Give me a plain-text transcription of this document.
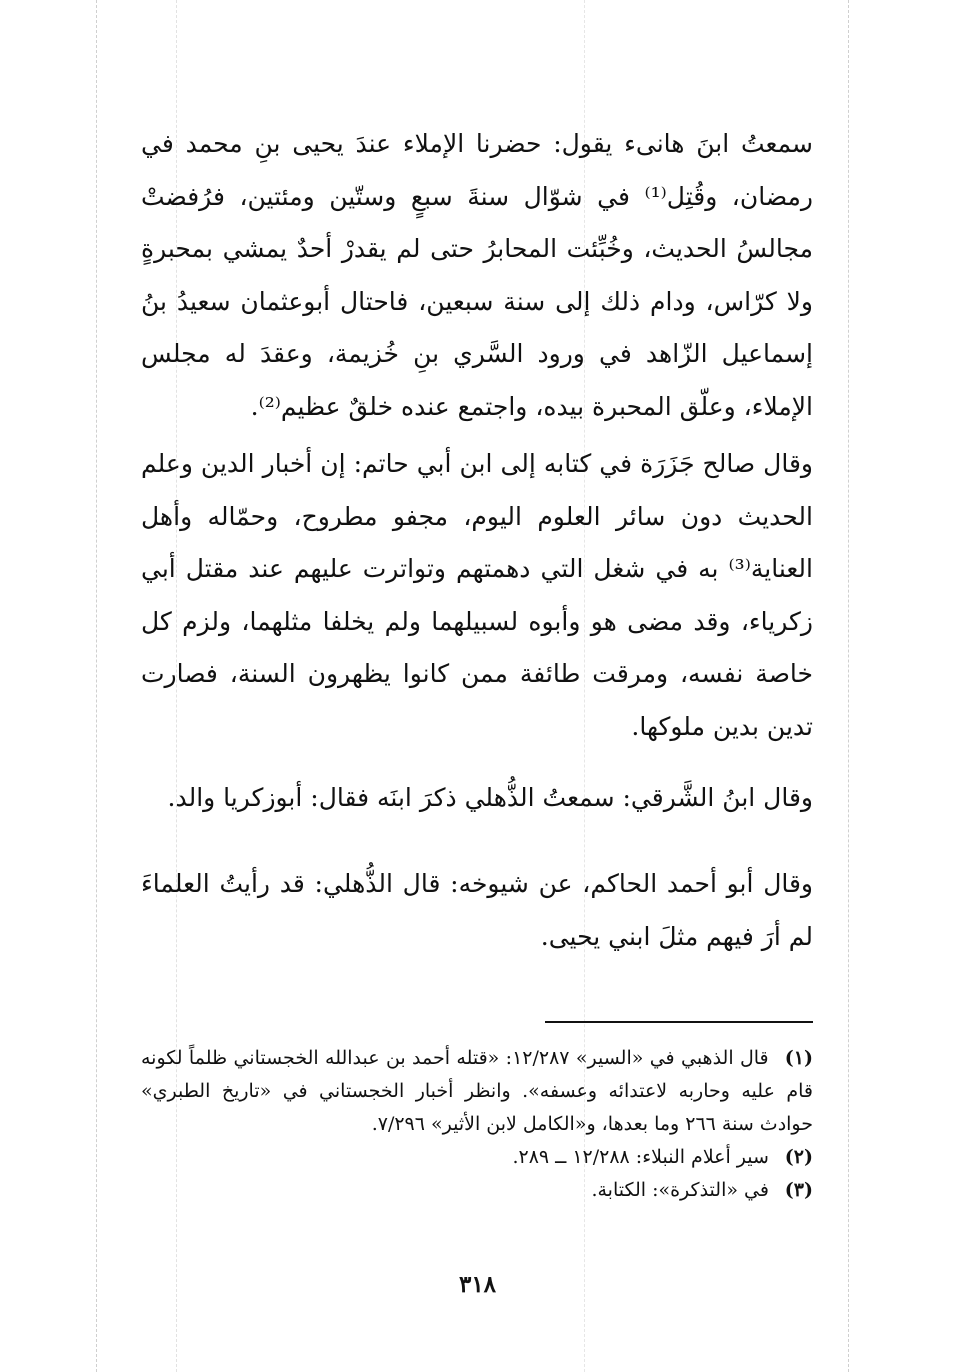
سمعتُ ابنَ هانىء يقول: حضرنا الإملاء عندَ يحيى بنِ محمد في رمضان، وقُتِل⁽¹⁾ في شوّال سنةَ سبعٍ وستّين ومئتين، فرُفضتْ مجالسُ الحديث، وخُبِّئت المحابرُ حتى لم يقدرْ أحدٌ يمشي بمحبرةٍ ولا كرّاس، ودام ذلك إلى سنة سبعين، فاحتال أبوعثمان سعيدُ بنُ إسماعيل الزّاهد في ورود السَّري بنِ خُزيمة، وعقدَ له مجلس الإملاء، وعلّق المحبرة بيده، واجتمع عنده خلقٌ عظيم⁽²⁾.

وقال صالح جَزَرَة في كتابه إلى ابن أبي حاتم: إن أخبار الدين وعلم الحديث دون سائر العلوم اليوم، مجفو مطروح، وحمّاله وأهل العناية⁽³⁾ به في شغل التي دهمتهم وتواترت عليهم عند مقتل أبي زكرياء، وقد مضى هو وأبوه لسبيلهما ولم يخلفا مثلهما، ولزم كل خاصة نفسه، ومرقت طائفة ممن كانوا يظهرون السنة، فصارت تدين بدين ملوكها.

وقال ابنُ الشَّرقي: سمعتُ الذُّهلي ذكرَ ابنَه فقال: أبوزكريا والد.

وقال أبو أحمد الحاكم، عن شيوخه: قال الذُّهلي: قد رأيتُ العلماءَ لم أرَ فيهم مثلَ ابني يحيى.

(١) قال الذهبي في «السير» ١٢/٢٨٧: «قتله أحمد بن عبدالله الخجستاني ظلماً لكونه قام عليه وحاربه لاعتدائه وعسفه». وانظر أخبار الخجستاني في «تاريخ الطبري» حوادث سنة ٢٦٦ وما بعدها، و«الكامل لابن الأثير» ٧/٢٩٦.

(٢) سير أعلام النبلاء: ١٢/٢٨٨ ــ ٢٨٩.

(٣) في «التذكرة»: الكتابة.

٣١٨
